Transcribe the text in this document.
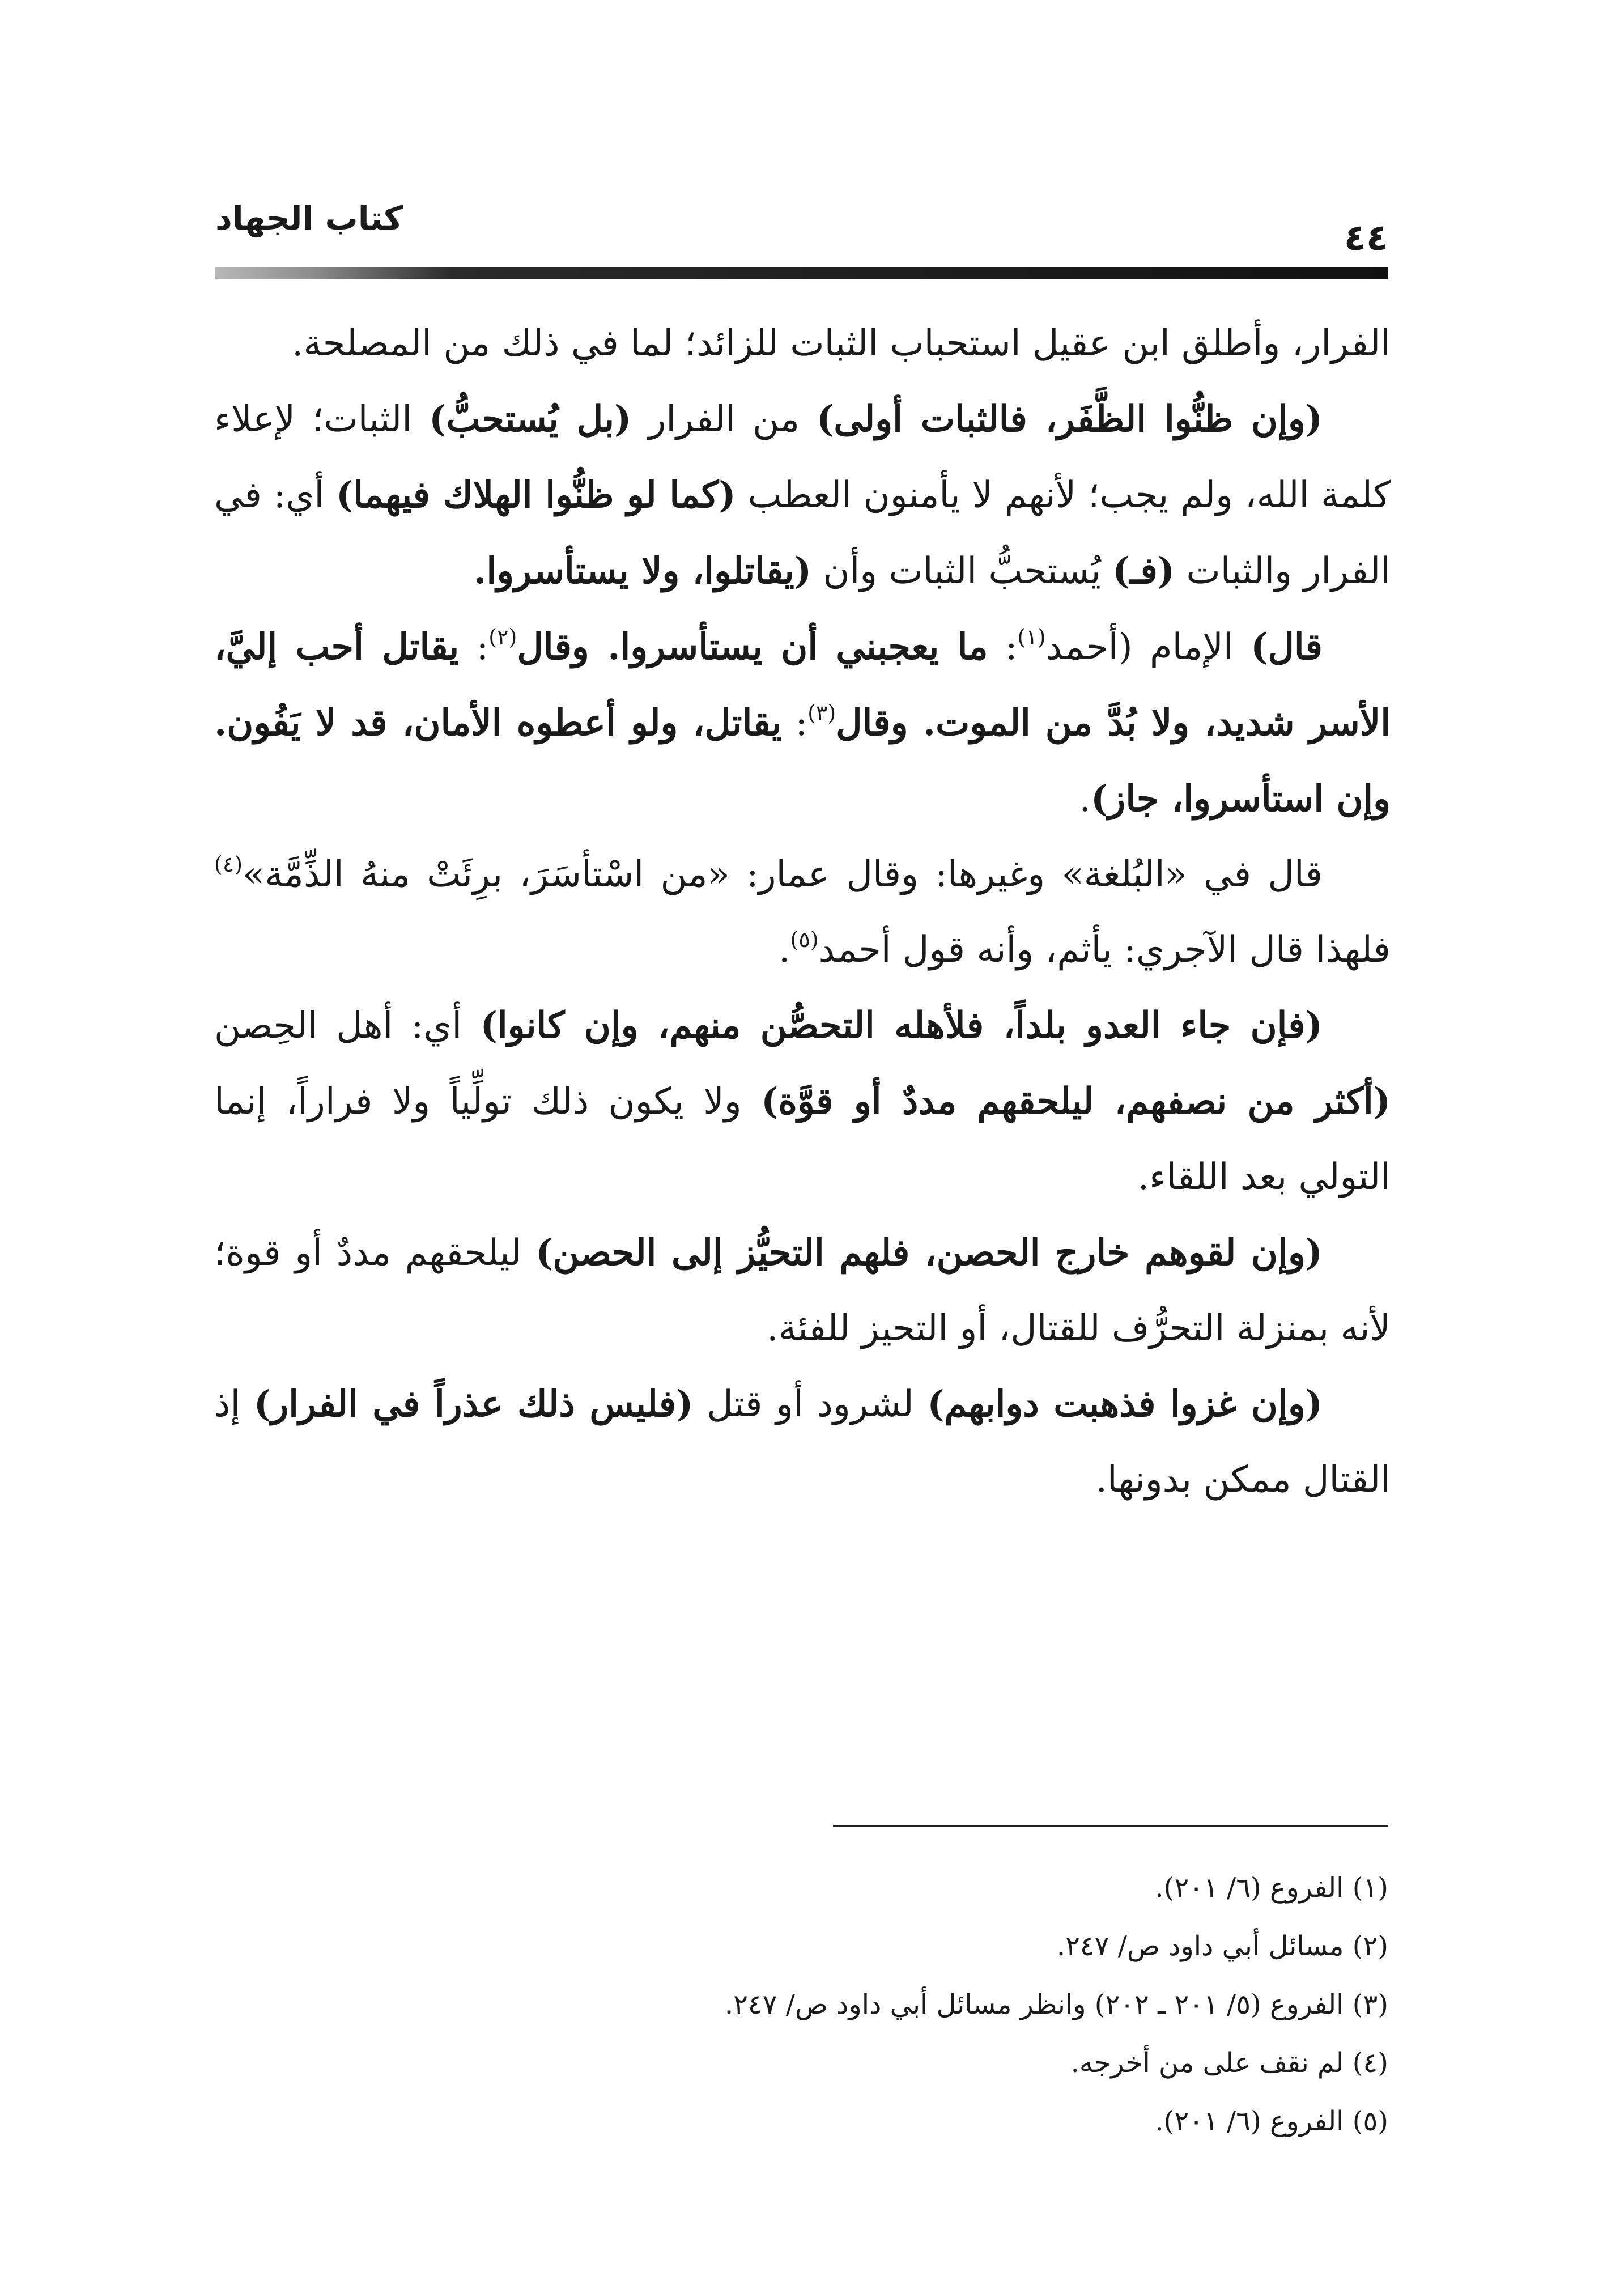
كتاب الجهاد	٤٤

الفرار، وأطلق ابن عقيل استحباب الثبات للزائد؛ لما في ذلك من المصلحة.

(وإن ظنُّوا الظَّفَر، فالثبات أولى) من الفرار (بل يُستحبُّ) الثبات؛ لإعلاء كلمة الله، ولم يجب؛ لأنهم لا يأمنون العطب (كما لو ظنُّوا الهلاك فيهما) أي: في الفرار والثبات (فـ) يُستحبُّ الثبات وأن (يقاتلوا، ولا يستأسروا.

قال) الإمام (أحمد$^{(١)}$: ما يعجبني أن يستأسروا. وقال$^{(٢)}$: يقاتل أحب إليَّ، الأسر شديد، ولا بُدَّ من الموت. وقال$^{(٣)}$: يقاتل، ولو أعطوه الأمان، قد لا يَفُون. وإن استأسروا، جاز).

قال في «البُلغة» وغيرها: وقال عمار: «من اسْتأسَرَ، برِئَتْ منهُ الذِّمَّة»$^{(٤)}$ فلهذا قال الآجري: يأثم، وأنه قول أحمد$^{(٥)}$.

(فإن جاء العدو بلداً، فلأهله التحصُّن منهم، وإن كانوا) أي: أهل الحِصن (أكثر من نصفهم، ليلحقهم مددٌ أو قوَّة) ولا يكون ذلك تولِّياً ولا فراراً، إنما التولي بعد اللقاء.

(وإن لقوهم خارج الحصن، فلهم التحيُّز إلى الحصن) ليلحقهم مددٌ أو قوة؛ لأنه بمنزلة التحرُّف للقتال، أو التحيز للفئة.

(وإن غزوا فذهبت دوابهم) لشرود أو قتل (فليس ذلك عذراً في الفرار) إذ القتال ممكن بدونها.

(١) الفروع (٦/ ٢٠١).
(٢) مسائل أبي داود ص/ ٢٤٧.
(٣) الفروع (٥/ ٢٠١ ـ ٢٠٢) وانظر مسائل أبي داود ص/ ٢٤٧.
(٤) لم نقف على من أخرجه.
(٥) الفروع (٦/ ٢٠١).
